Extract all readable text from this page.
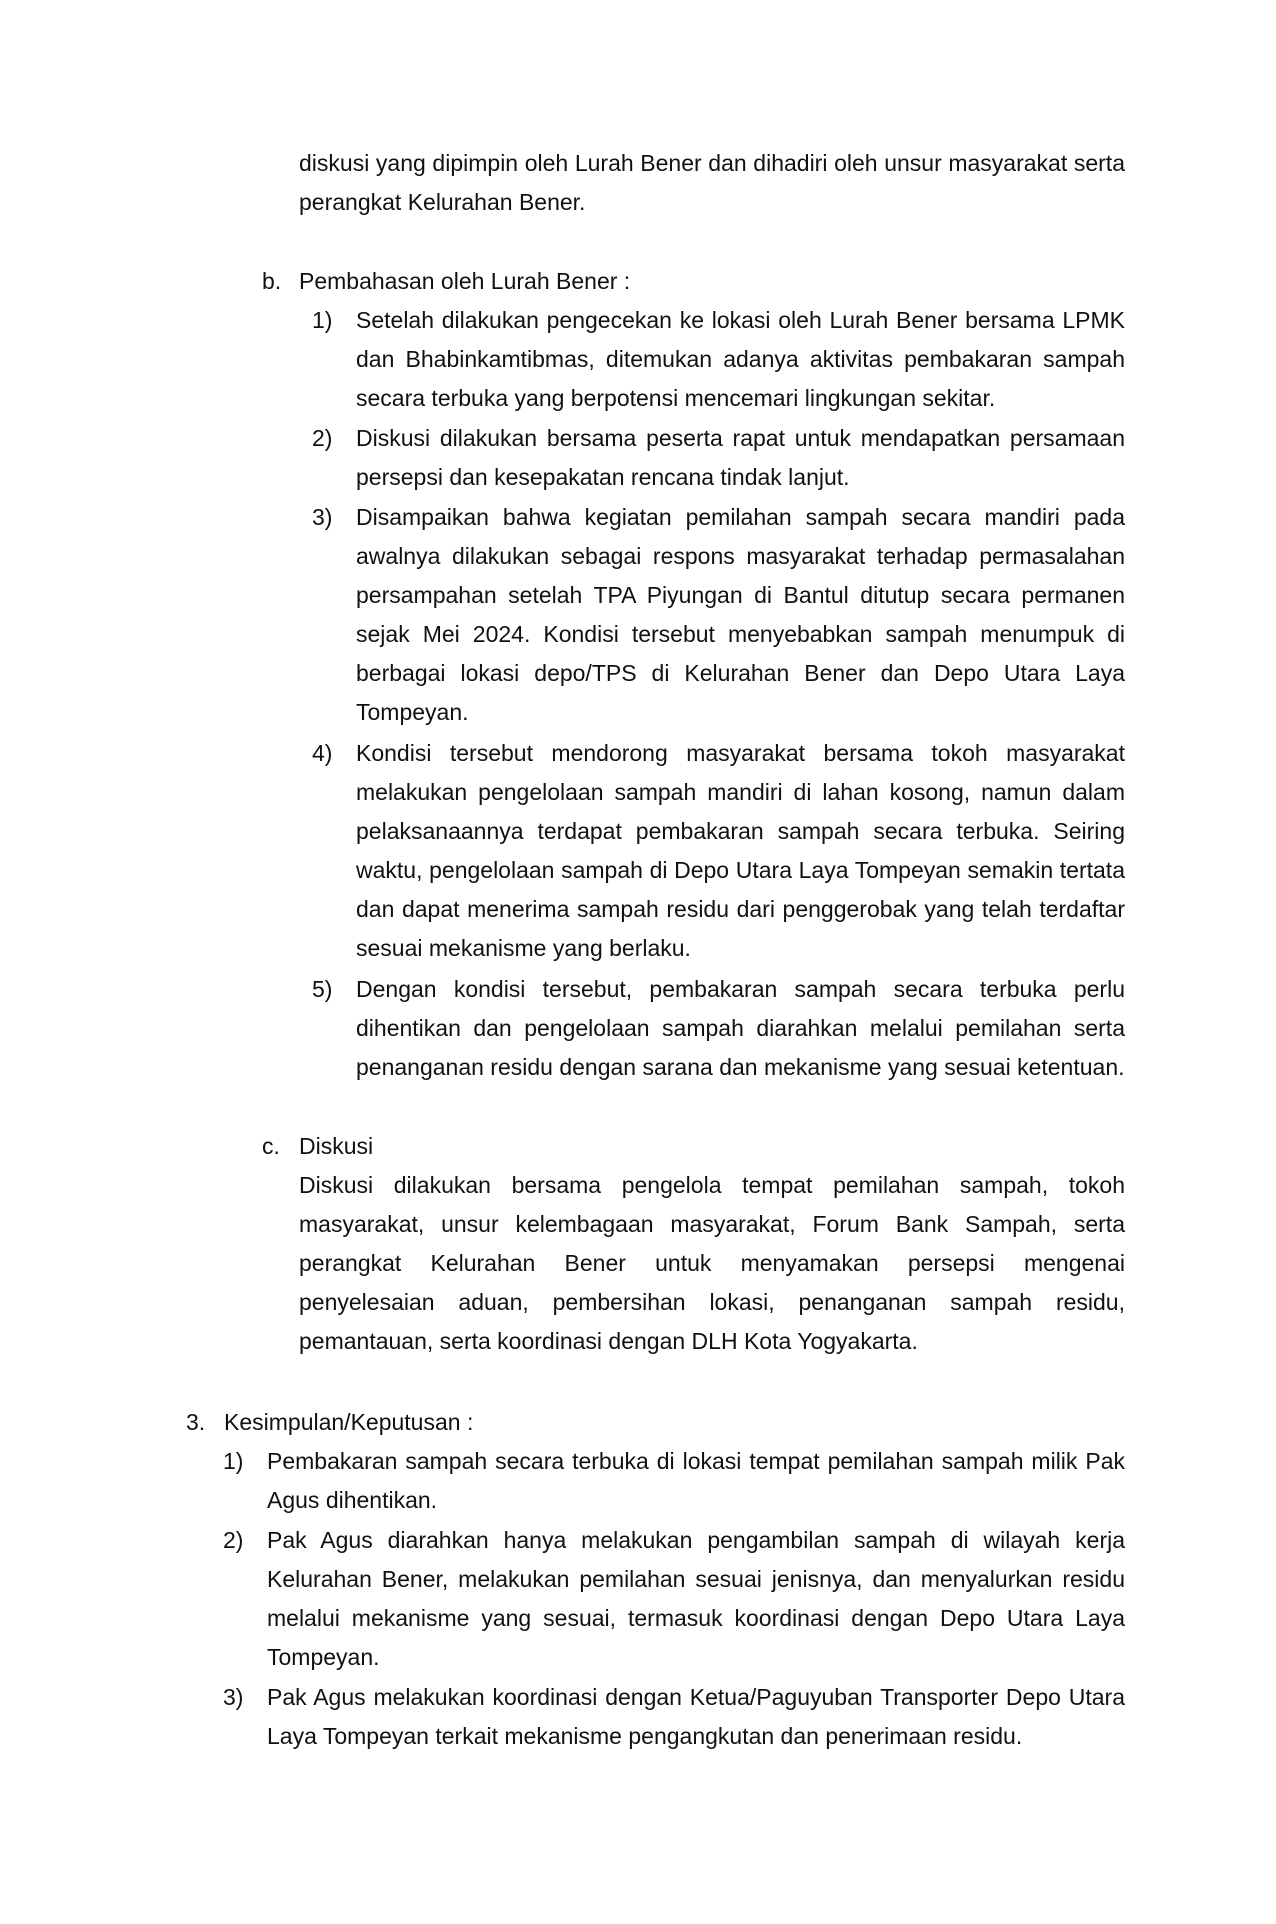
diskusi yang dipimpin oleh Lurah Bener dan dihadiri oleh unsur masyarakat serta perangkat Kelurahan Bener.

b. Pembahasan oleh Lurah Bener :
1) Setelah dilakukan pengecekan ke lokasi oleh Lurah Bener bersama LPMK dan Bhabinkamtibmas, ditemukan adanya aktivitas pembakaran sampah secara terbuka yang berpotensi mencemari lingkungan sekitar.

2) Diskusi dilakukan bersama peserta rapat untuk mendapatkan persamaan persepsi dan kesepakatan rencana tindak lanjut.

3) Disampaikan bahwa kegiatan pemilahan sampah secara mandiri pada awalnya dilakukan sebagai respons masyarakat terhadap permasalahan persampahan setelah TPA Piyungan di Bantul ditutup secara permanen sejak Mei 2024. Kondisi tersebut menyebabkan sampah menumpuk di berbagai lokasi depo/TPS di Kelurahan Bener dan Depo Utara Laya Tompeyan.

4) Kondisi tersebut mendorong masyarakat bersama tokoh masyarakat melakukan pengelolaan sampah mandiri di lahan kosong, namun dalam pelaksanaannya terdapat pembakaran sampah secara terbuka. Seiring waktu, pengelolaan sampah di Depo Utara Laya Tompeyan semakin tertata dan dapat menerima sampah residu dari penggerobak yang telah terdaftar sesuai mekanisme yang berlaku.

5) Dengan kondisi tersebut, pembakaran sampah secara terbuka perlu dihentikan dan pengelolaan sampah diarahkan melalui pemilahan serta penanganan residu dengan sarana dan mekanisme yang sesuai ketentuan.

c. Diskusi

Diskusi dilakukan bersama pengelola tempat pemilahan sampah, tokoh masyarakat, unsur kelembagaan masyarakat, Forum Bank Sampah, serta perangkat Kelurahan Bener untuk menyamakan persepsi mengenai penyelesaian aduan, pembersihan lokasi, penanganan sampah residu, pemantauan, serta koordinasi dengan DLH Kota Yogyakarta.

3. Kesimpulan/Keputusan :
1) Pembakaran sampah secara terbuka di lokasi tempat pemilahan sampah milik Pak Agus dihentikan.

2) Pak Agus diarahkan hanya melakukan pengambilan sampah di wilayah kerja Kelurahan Bener, melakukan pemilahan sesuai jenisnya, dan menyalurkan residu melalui mekanisme yang sesuai, termasuk koordinasi dengan Depo Utara Laya Tompeyan.

3) Pak Agus melakukan koordinasi dengan Ketua/Paguyuban Transporter Depo Utara Laya Tompeyan terkait mekanisme pengangkutan dan penerimaan residu.
